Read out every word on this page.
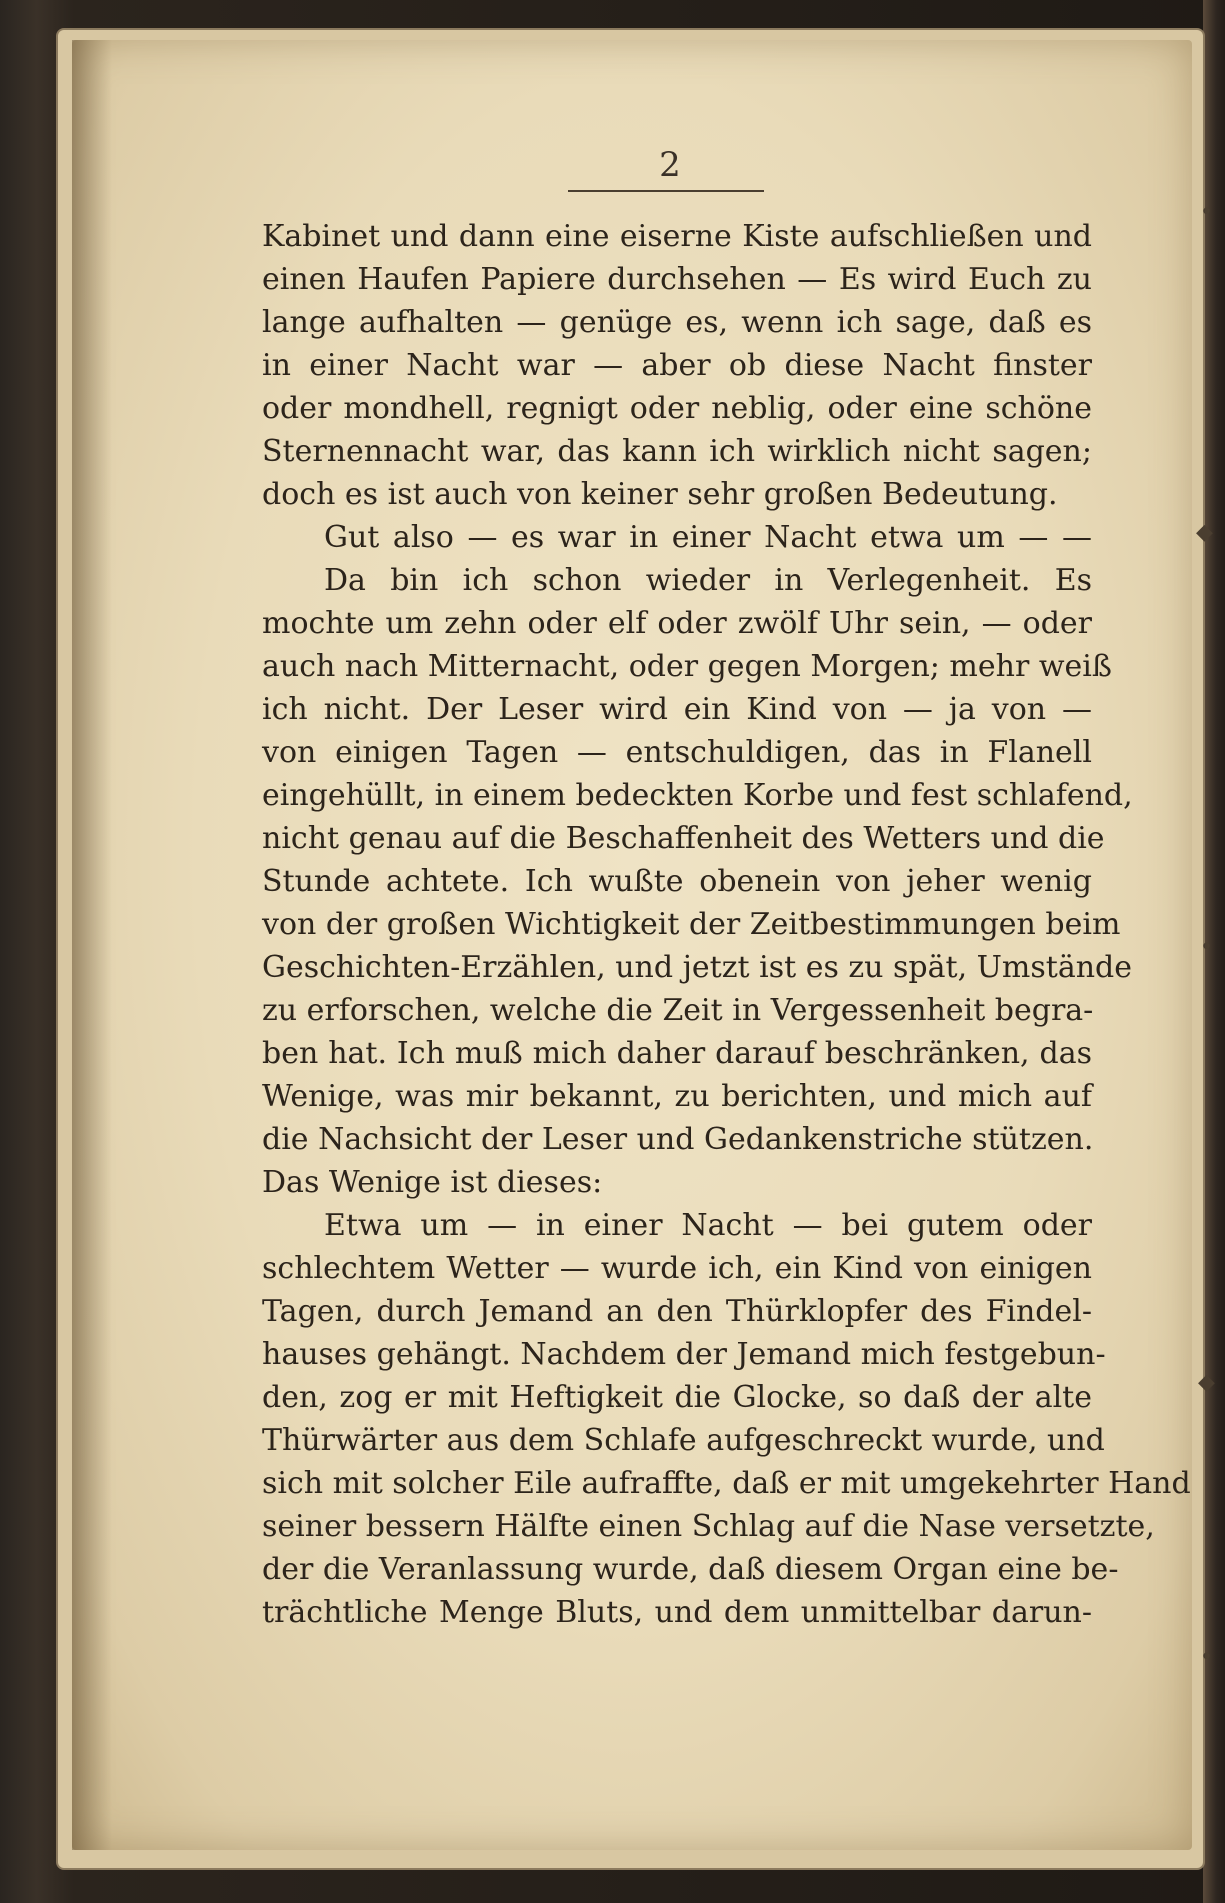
2
Kabinet und dann eine eiserne Kiste aufschließen und
einen Haufen Papiere durchsehen — Es wird Euch zu
lange aufhalten — genüge es, wenn ich sage, daß es
in einer Nacht war — aber ob diese Nacht finster
oder mondhell, regnigt oder neblig, oder eine schöne
Sternennacht war, das kann ich wirklich nicht sagen;
doch es ist auch von keiner sehr großen Bedeutung.
Gut also — es war in einer Nacht etwa um — —
Da bin ich schon wieder in Verlegenheit. Es
mochte um zehn oder elf oder zwölf Uhr sein, — oder
auch nach Mitternacht, oder gegen Morgen; mehr weiß
ich nicht. Der Leser wird ein Kind von — ja von —
von einigen Tagen — entschuldigen, das in Flanell
eingehüllt, in einem bedeckten Korbe und fest schlafend,
nicht genau auf die Beschaffenheit des Wetters und die
Stunde achtete. Ich wußte obenein von jeher wenig
von der großen Wichtigkeit der Zeitbestimmungen beim
Geschichten-Erzählen, und jetzt ist es zu spät, Umstände
zu erforschen, welche die Zeit in Vergessenheit begra-
ben hat. Ich muß mich daher darauf beschränken, das
Wenige, was mir bekannt, zu berichten, und mich auf
die Nachsicht der Leser und Gedankenstriche stützen.
Das Wenige ist dieses:
Etwa um — in einer Nacht — bei gutem oder
schlechtem Wetter — wurde ich, ein Kind von einigen
Tagen, durch Jemand an den Thürklopfer des Findel-
hauses gehängt. Nachdem der Jemand mich festgebun-
den, zog er mit Heftigkeit die Glocke, so daß der alte
Thürwärter aus dem Schlafe aufgeschreckt wurde, und
sich mit solcher Eile aufraffte, daß er mit umgekehrter Hand
seiner bessern Hälfte einen Schlag auf die Nase versetzte,
der die Veranlassung wurde, daß diesem Organ eine be-
trächtliche Menge Bluts, und dem unmittelbar darun-
•
◆
•
◆
•
